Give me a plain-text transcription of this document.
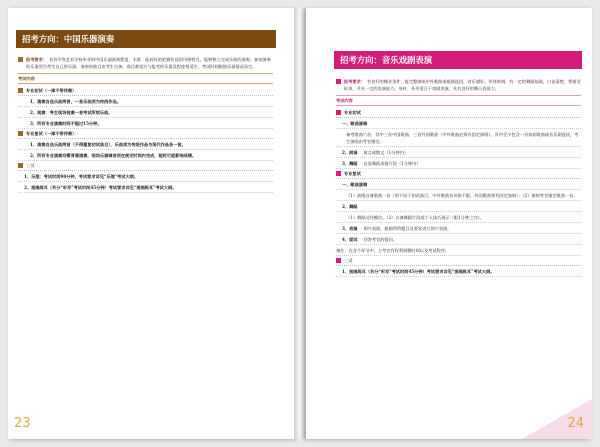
招考方向：中国乐器演奏
报考要求： 具有中等艺术学校毕业的中国乐器演奏程度，水准：能较好的把握作品的风格特点，能够独立完成乐曲的演奏。参加演奏的乐器须为考生自己的乐器，演奏的曲目由考生自备，曲目难度应与报考的乐器及程度相适应，考试时间根据乐器情况而定。
考试内容
专业初试（一律不带伴奏）
1、演奏自选乐曲两首，一首乐曲须为传统作品。
2、视奏：考生现场视奏一首考试所给乐曲。
3、所有专业演奏时间不超过15分钟。
专业复试（一律不带伴奏）
1、演奏自选乐曲两首（不得重复初试曲目），乐曲须为传统作品与现代作品各一首。
2、所有专业演奏均需背谱演奏，现场乐器调音须在规定时间内完成，超时可能影响成绩。
三试
1、乐理：考试时间90分钟，考试要求详见“乐理”考试大纲。
2、视唱练耳（共分“听写”考试时间45分钟）考试要求详见“视唱练耳”考试大纲。
23
招考方向：音乐戏剧表演
报考要求： 有良好的嗓音条件，能完整演唱中外歌曲或歌剧选段，音乐感好，形体协调，有一定的舞蹈基础，口齿清楚，普通话标准，并具一定的表演能力。身材、外形适合于戏剧表演，具有良好的舞台表现力。
考试内容
专业初试
一、歌曲演唱
备考歌曲六首，其中三首中国歌曲，三首外国歌曲（中外歌曲必须有固定演唱）。其中至少包含一首戏剧歌曲或音乐剧选段，考生演唱由考官指定。
2、朗诵 寓言或散文（1分钟内）
3、舞蹈 自选舞蹈表演片段（1分钟内）
专业复试
一、歌曲演唱
（1）演唱自备歌曲一首（须不同于初试曲目，中外歌曲各风格不限，外国歌曲须有固定演唱）；（2）演唱考官指定歌曲一首。
2、舞蹈
（1）舞蹈动作模仿；（2）自备舞蹈片段或个人技巧展示（限1分钟之内）。
3、表演 即兴表演，根据所给题目及要求进行即兴表演。
4、面试 回答考官的提问。
备注：在各个环节中，主考官有权利调整时间以及考试程序。
三试
1、视唱练耳（共分“听写”考试时间45分钟）考试要求详见“视唱练耳”考试大纲。
24
